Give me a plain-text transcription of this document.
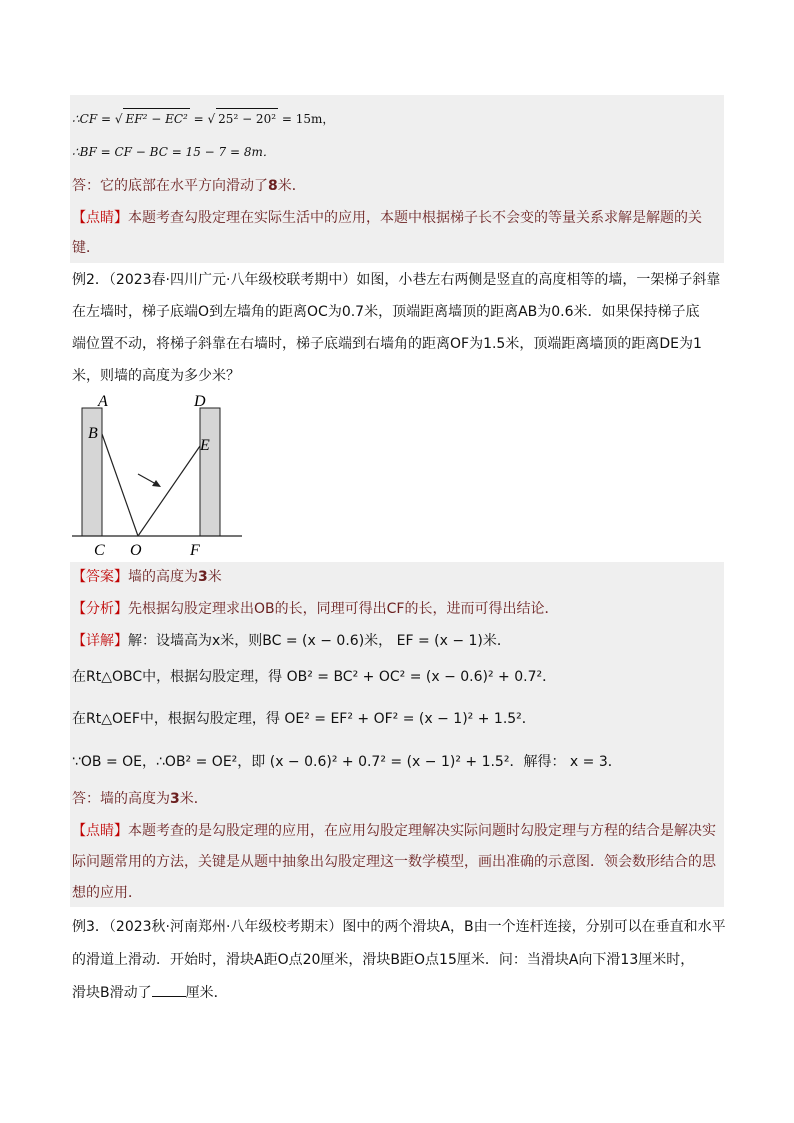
∴CF = √ EF² − EC² = √ 25² − 20² = 15m，
∴BF = CF − BC = 15 − 7 = 8m．
答：它的底部在水平方向滑动了8米．
【点睛】本题考查勾股定理在实际生活中的应用，本题中根据梯子长不会变的等量关系求解是解题的关
键．
例2．（2023春·四川广元·八年级校联考期中）如图，小巷左右两侧是竖直的高度相等的墙，一架梯子斜靠
在左墙时，梯子底端O到左墙角的距离OC为0.7米，顶端距离墙顶的距离AB为0.6米．如果保持梯子底
端位置不动，将梯子斜靠在右墙时，梯子底端到右墙角的距离OF为1.5米，顶端距离墙顶的距离DE为1
米，则墙的高度为多少米？
A
B
C O	F
D
E
【答案】墙的高度为3米
【分析】先根据勾股定理求出OB的长，同理可得出CF的长，进而可得出结论．
【详解】解：设墙高为x米，则BC = (x − 0.6)米， EF = (x − 1)米．
在Rt△OBC中，根据勾股定理，得 OB² = BC² + OC² = (x − 0.6)² + 0.7²．
在Rt△OEF中，根据勾股定理，得 OE² = EF² + OF² = (x − 1)² + 1.5²．
∵OB = OE，∴OB² = OE²，即 (x − 0.6)² + 0.7² = (x − 1)² + 1.5²．解得： x = 3．
答：墙的高度为3米．
【点睛】本题考查的是勾股定理的应用，在应用勾股定理解决实际问题时勾股定理与方程的结合是解决实
际问题常用的方法，关键是从题中抽象出勾股定理这一数学模型，画出准确的示意图．领会数形结合的思
想的应用．
例3．（2023秋·河南郑州·八年级校考期末）图中的两个滑块A，B由一个连杆连接，分别可以在垂直和水平
的滑道上滑动．开始时，滑块A距O点20厘米，滑块B距O点15厘米．问：当滑块A向下滑13厘米时，
滑块B滑动了 厘米．
